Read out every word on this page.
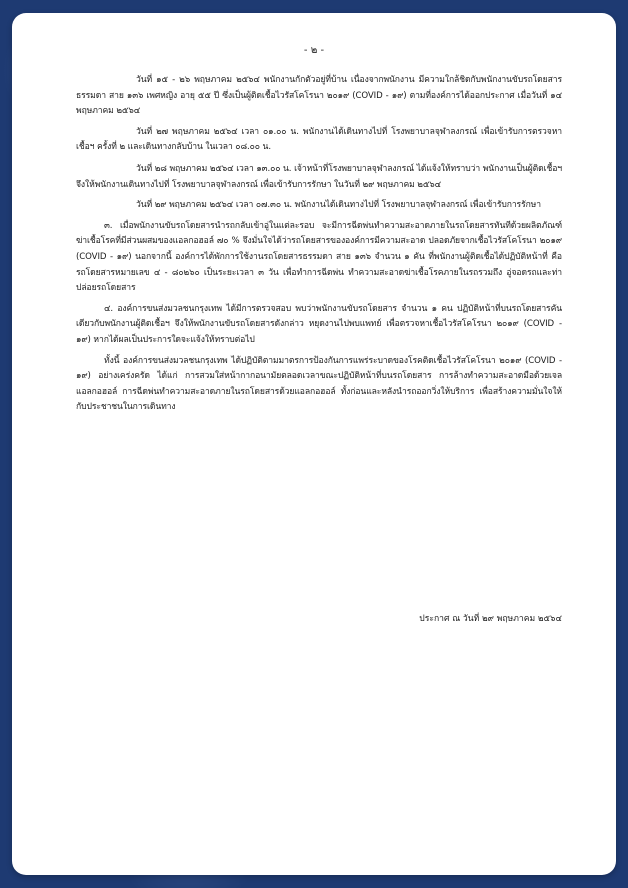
- ๒ -

วันที่ ๑๕ - ๒๖ พฤษภาคม ๒๕๖๔ พนักงานกักตัวอยู่ที่บ้าน เนื่องจากพนักงาน มีความใกล้ชิดกับพนักงานขับรถโดยสารธรรมดา สาย ๑๓๖ เพศหญิง อายุ ๕๕ ปี ซึ่งเป็นผู้ติดเชื้อไวรัสโคโรนา ๒๐๑๙ (COVID - ๑๙) ตามที่องค์การได้ออกประกาศ เมื่อวันที่ ๑๔ พฤษภาคม ๒๕๖๔

วันที่ ๒๗ พฤษภาคม ๒๕๖๔ เวลา ๐๑.๐๐ น. พนักงานได้เดินทางไปที่ โรงพยาบาลจุฬาลงกรณ์ เพื่อเข้ารับการตรวจหาเชื้อฯ ครั้งที่ ๒ และเดินทางกลับบ้าน ในเวลา ๐๘.๐๐ น.

วันที่ ๒๘ พฤษภาคม ๒๕๖๔ เวลา ๑๓.๐๐ น. เจ้าหน้าที่โรงพยาบาลจุฬาลงกรณ์ ได้แจ้งให้ทราบว่า พนักงานเป็นผู้ติดเชื้อฯ จึงให้พนักงานเดินทางไปที่ โรงพยาบาลจุฬาลงกรณ์ เพื่อเข้ารับการรักษา ในวันที่ ๒๙ พฤษภาคม ๒๕๖๔

วันที่ ๒๙ พฤษภาคม ๒๕๖๔ เวลา ๐๗.๓๐ น. พนักงานได้เดินทางไปที่ โรงพยาบาลจุฬาลงกรณ์ เพื่อเข้ารับการรักษา

๓. เมื่อพนักงานขับรถโดยสารนำรถกลับเข้าอู่ในแต่ละรอบ จะมีการฉีดพ่นทำความสะอาดภายในรถโดยสารทันทีด้วยผลิตภัณฑ์ฆ่าเชื้อโรคที่มีส่วนผสมของแอลกอฮอล์ ๗๐ % จึงมั่นใจได้ว่ารถโดยสารขององค์การมีความสะอาด ปลอดภัยจากเชื้อไวรัสโคโรนา ๒๐๑๙ (COVID - ๑๙) นอกจากนี้ องค์การได้พักการใช้งานรถโดยสารธรรมดา สาย ๑๓๖ จำนวน ๑ คัน ที่พนักงานผู้ติดเชื้อได้ปฏิบัติหน้าที่ คือ รถโดยสารหมายเลข ๔ - ๘๐๒๖๐ เป็นระยะเวลา ๓ วัน เพื่อทำการฉีดพ่น ทำความสะอาดฆ่าเชื้อโรคภายในรถรวมถึง อู่จอดรถและท่าปล่อยรถโดยสาร

๔. องค์การขนส่งมวลชนกรุงเทพ ได้มีการตรวจสอบ พบว่าพนักงานขับรถโดยสาร จำนวน ๑ คน ปฏิบัติหน้าที่บนรถโดยสารคันเดียวกับพนักงานผู้ติดเชื้อฯ จึงให้พนักงานขับรถโดยสารดังกล่าว หยุดงานไปพบแพทย์ เพื่อตรวจหาเชื้อไวรัสโคโรนา ๒๐๑๙ (COVID - ๑๙) หากได้ผลเป็นประการใดจะแจ้งให้ทราบต่อไป

ทั้งนี้ องค์การขนส่งมวลชนกรุงเทพ ได้ปฏิบัติตามมาตรการป้องกันการแพร่ระบาดของโรคติดเชื้อไวรัสโคโรนา ๒๐๑๙ (COVID - ๑๙) อย่างเคร่งครัด ได้แก่ การสวมใส่หน้ากากอนามัยตลอดเวลาขณะปฏิบัติหน้าที่บนรถโดยสาร การล้างทำความสะอาดมือด้วยเจลแอลกอฮอล์ การฉีดพ่นทำความสะอาดภายในรถโดยสารด้วยแอลกอฮอล์ ทั้งก่อนและหลังนำรถออกวิ่งให้บริการ เพื่อสร้างความมั่นใจให้กับประชาชนในการเดินทาง

ประกาศ ณ วันที่ ๒๙ พฤษภาคม ๒๕๖๔
